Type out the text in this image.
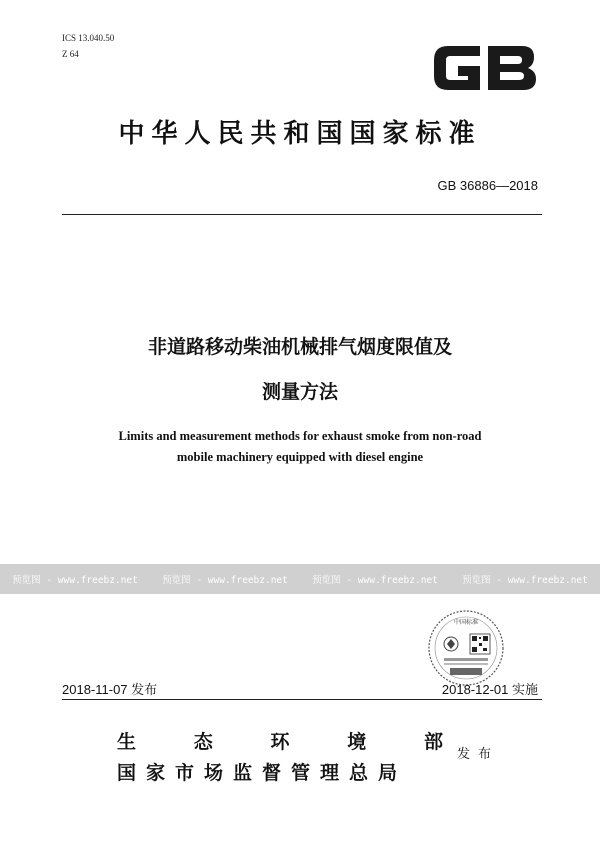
ICS 13.040.50
Z 64
中华人民共和国国家标准
GB 36886—2018
非道路移动柴油机械排气烟度限值及
测量方法
Limits and measurement methods for exhaust smoke from non-road
mobile machinery equipped with diesel engine
预览图 - www.freebz.net	预览图 - www.freebz.net	预览图 - www.freebz.net	预览图 - www.freebz.net
中国标准
2018-11-07 发布	2018-12-01 实施
生	态	环	境	部
国家市场监督管理总局
发布
